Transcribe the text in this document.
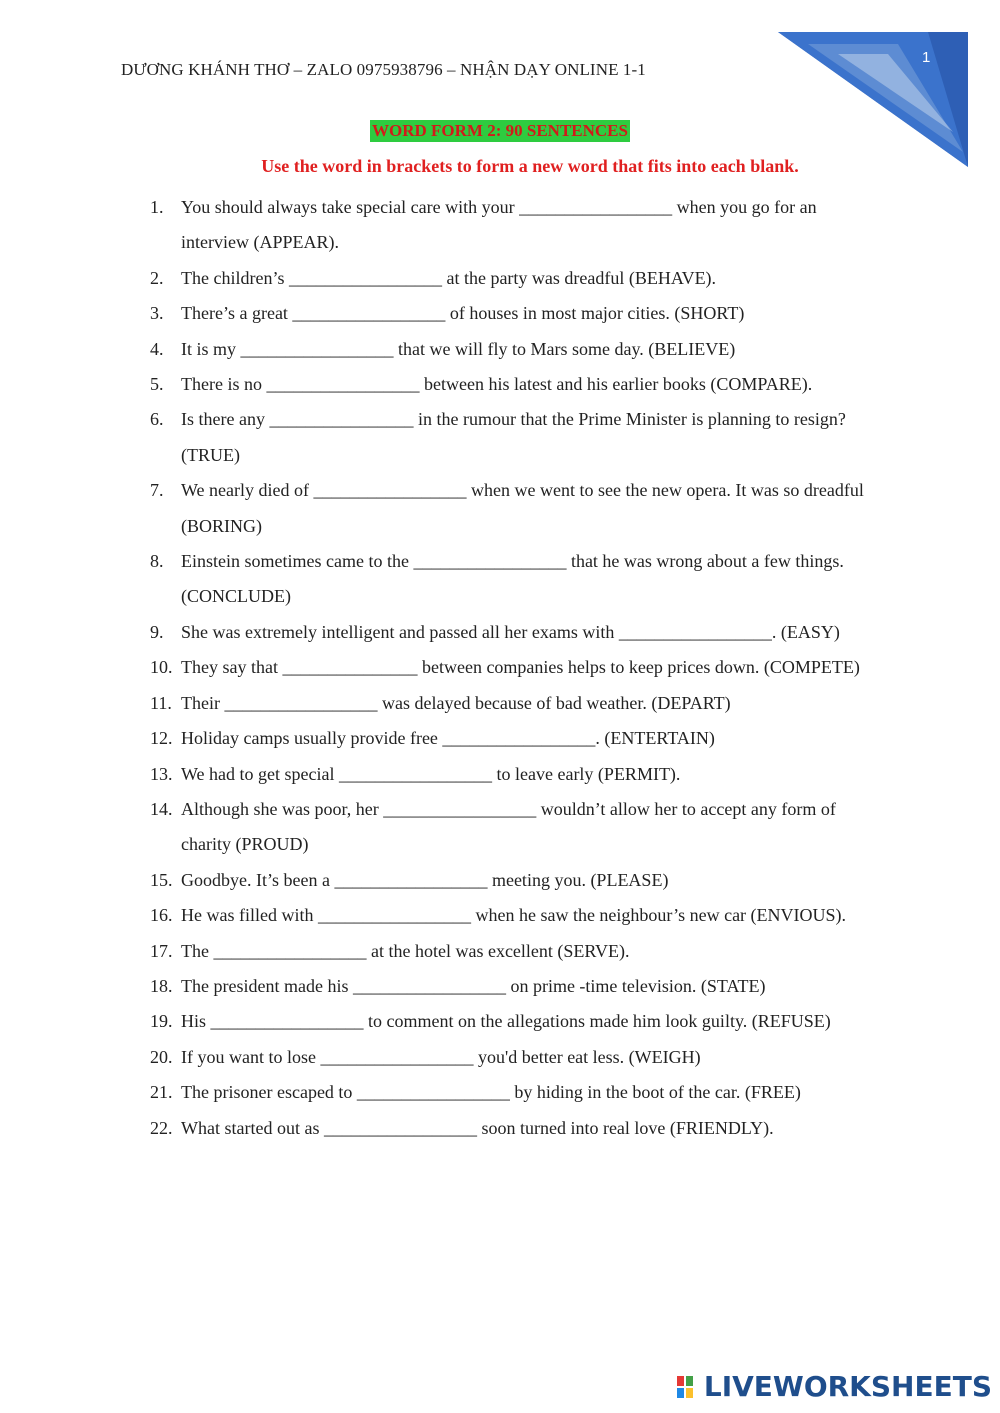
1
DƯƠNG KHÁNH THƠ – ZALO 0975938796 – NHẬN DẠY ONLINE 1-1
WORD FORM 2: 90 SENTENCES
Use the word in brackets to form a new word that fits into each blank.
1. You should always take special care with your _________________ when you go for an interview (APPEAR).
2. The children’s _________________ at the party was dreadful (BEHAVE).
3. There’s a great _________________ of houses in most major cities. (SHORT)
4. It is my _________________ that we will fly to Mars some day. (BELIEVE)
5. There is no _________________ between his latest and his earlier books (COMPARE).
6. Is there any ________________ in the rumour that the Prime Minister is planning to resign? (TRUE)
7. We nearly died of _________________ when we went to see the new opera. It was so dreadful (BORING)
8. Einstein sometimes came to the _________________ that he was wrong about a few things. (CONCLUDE)
9. She was extremely intelligent and passed all her exams with _________________. (EASY)
10. They say that _______________ between companies helps to keep prices down. (COMPETE)
11. Their _________________ was delayed because of bad weather. (DEPART)
12. Holiday camps usually provide free _________________. (ENTERTAIN)
13. We had to get special _________________ to leave early (PERMIT).
14. Although she was poor, her _________________ wouldn’t allow her to accept any form of charity (PROUD)
15. Goodbye. It’s been a _________________ meeting you. (PLEASE)
16. He was filled with _________________ when he saw the neighbour’s new car (ENVIOUS).
17. The _________________ at the hotel was excellent (SERVE).
18. The president made his _________________ on prime -time television. (STATE)
19. His _________________ to comment on the allegations made him look guilty. (REFUSE)
20. If you want to lose _________________ you'd better eat less. (WEIGH)
21. The prisoner escaped to _________________ by hiding in the boot of the car. (FREE)
22. What started out as _________________ soon turned into real love (FRIENDLY).
LIVEWORKSHEETS
